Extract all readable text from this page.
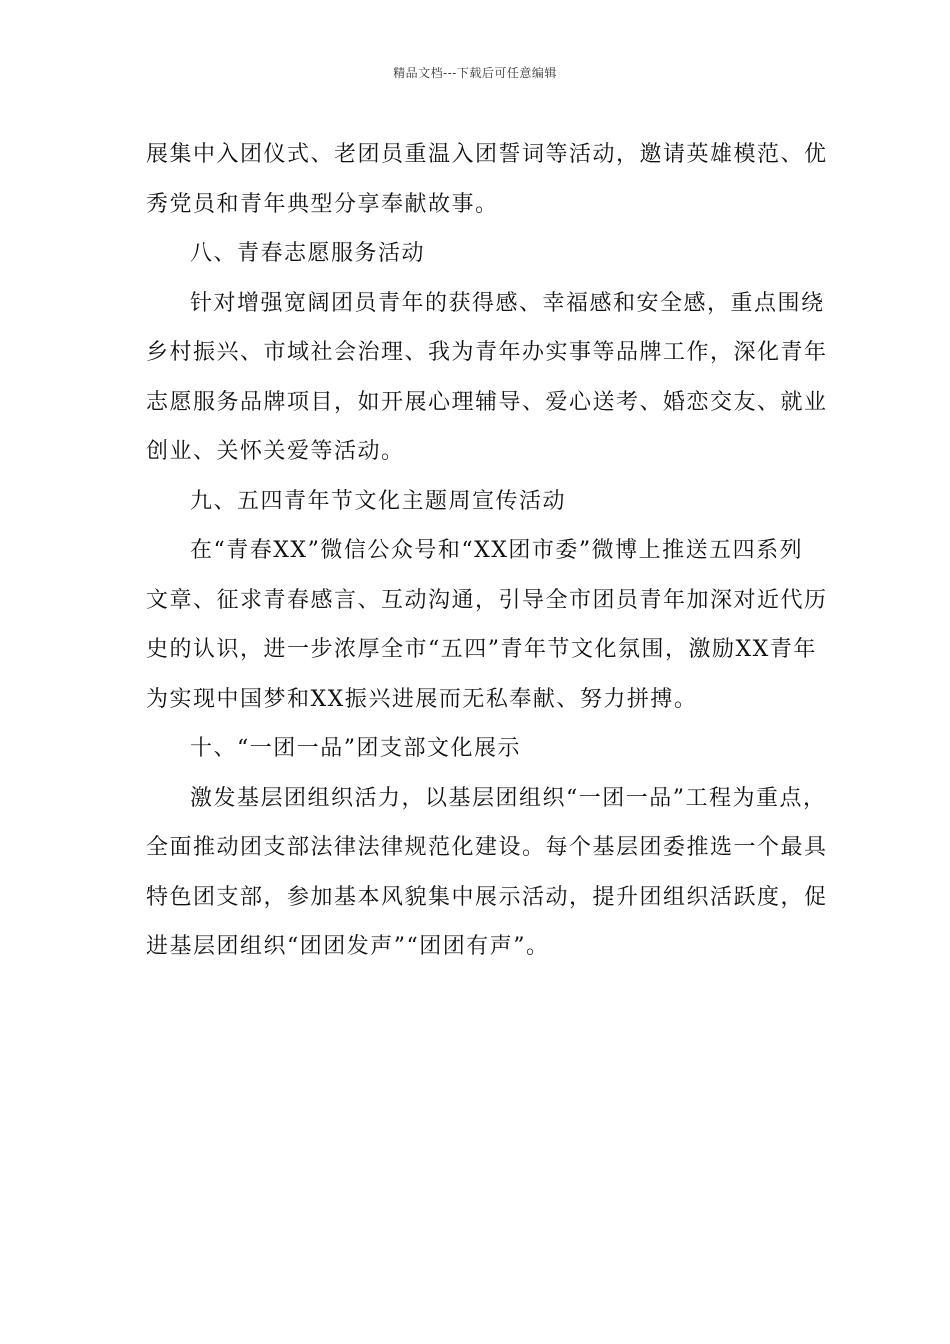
精品文档---下载后可任意编辑
展集中入团仪式、老团员重温入团誓词等活动，邀请英雄模范、优
秀党员和青年典型分享奉献故事。
八、青春志愿服务活动
针对增强宽阔团员青年的获得感、幸福感和安全感，重点围绕
乡村振兴、市域社会治理、我为青年办实事等品牌工作，深化青年
志愿服务品牌项目，如开展心理辅导、爱心送考、婚恋交友、就业
创业、关怀关爱等活动。
九、五四青年节文化主题周宣传活动
在“青春XX”微信公众号和“XX团市委”微博上推送五四系列
文章、征求青春感言、互动沟通，引导全市团员青年加深对近代历
史的认识，进一步浓厚全市“五四”青年节文化氛围，激励XX青年
为实现中国梦和XX振兴进展而无私奉献、努力拼搏。
十、“一团一品”团支部文化展示
激发基层团组织活力，以基层团组织“一团一品”工程为重点，
全面推动团支部法律法律规范化建设。每个基层团委推选一个最具
特色团支部，参加基本风貌集中展示活动，提升团组织活跃度，促
进基层团组织“团团发声”“团团有声”。
